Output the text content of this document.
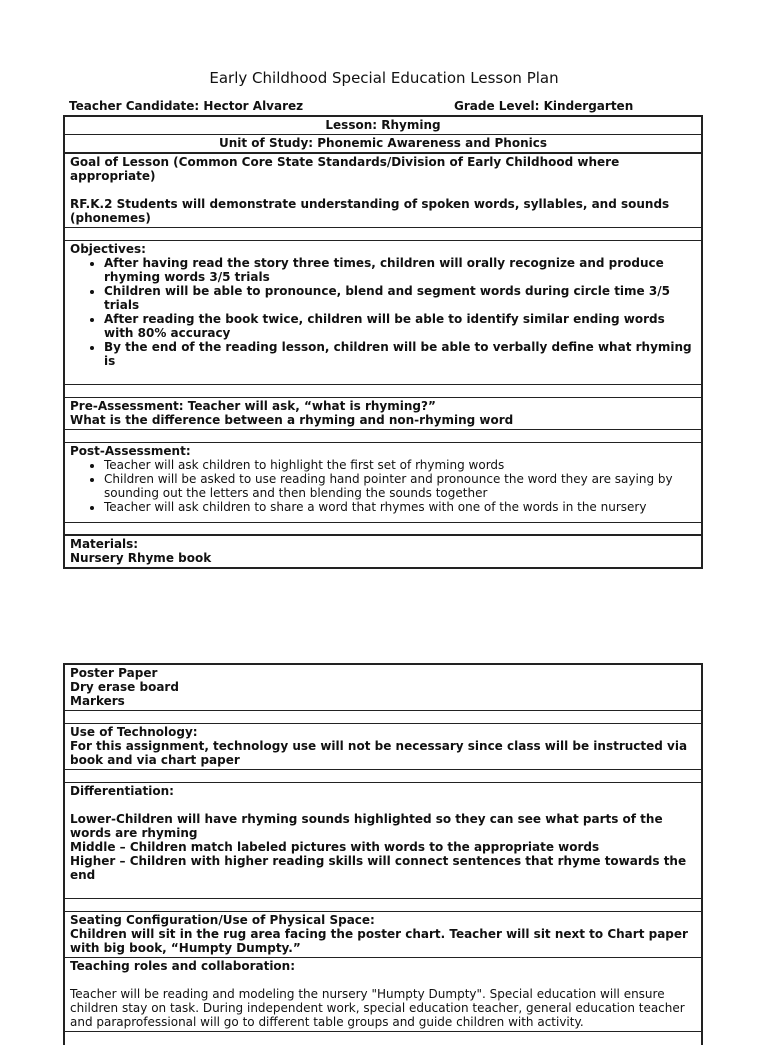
Early Childhood Special Education Lesson Plan
Teacher Candidate: Hector Alvarez	Grade Level: Kindergarten
Lesson: Rhyming
Unit of Study: Phonemic Awareness and Phonics
Goal of Lesson (Common Core State Standards/Division of Early Childhood where appropriate)
RF.K.2 Students will demonstrate understanding of spoken words, syllables, and sounds (phonemes)
Objectives:
• After having read the story three times, children will orally recognize and produce rhyming words 3/5 trials
• Children will be able to pronounce, blend and segment words during circle time 3/5 trials
• After reading the book twice, children will be able to identify similar ending words with 80% accuracy
• By the end of the reading lesson, children will be able to verbally define what rhyming is
Pre-Assessment: Teacher will ask, “what is rhyming?”
What is the difference between a rhyming and non-rhyming word
Post-Assessment:
• Teacher will ask children to highlight the first set of rhyming words
• Children will be asked to use reading hand pointer and pronounce the word they are saying by sounding out the letters and then blending the sounds together
• Teacher will ask children to share a word that rhymes with one of the words in the nursery
Materials:
Nursery Rhyme book
Poster Paper
Dry erase board
Markers
Use of Technology:
For this assignment, technology use will not be necessary since class will be instructed via book and via chart paper
Differentiation:
Lower-Children will have rhyming sounds highlighted so they can see what parts of the words are rhyming
Middle – Children match labeled pictures with words to the appropriate words
Higher – Children with higher reading skills will connect sentences that rhyme towards the end
Seating Configuration/Use of Physical Space:
Children will sit in the rug area facing the poster chart. Teacher will sit next to Chart paper with big book, “Humpty Dumpty.”
Teaching roles and collaboration:
Teacher will be reading and modeling the nursery "Humpty Dumpty". Special education will ensure children stay on task. During independent work, special education teacher, general education teacher and paraprofessional will go to different table groups and guide children with activity.
